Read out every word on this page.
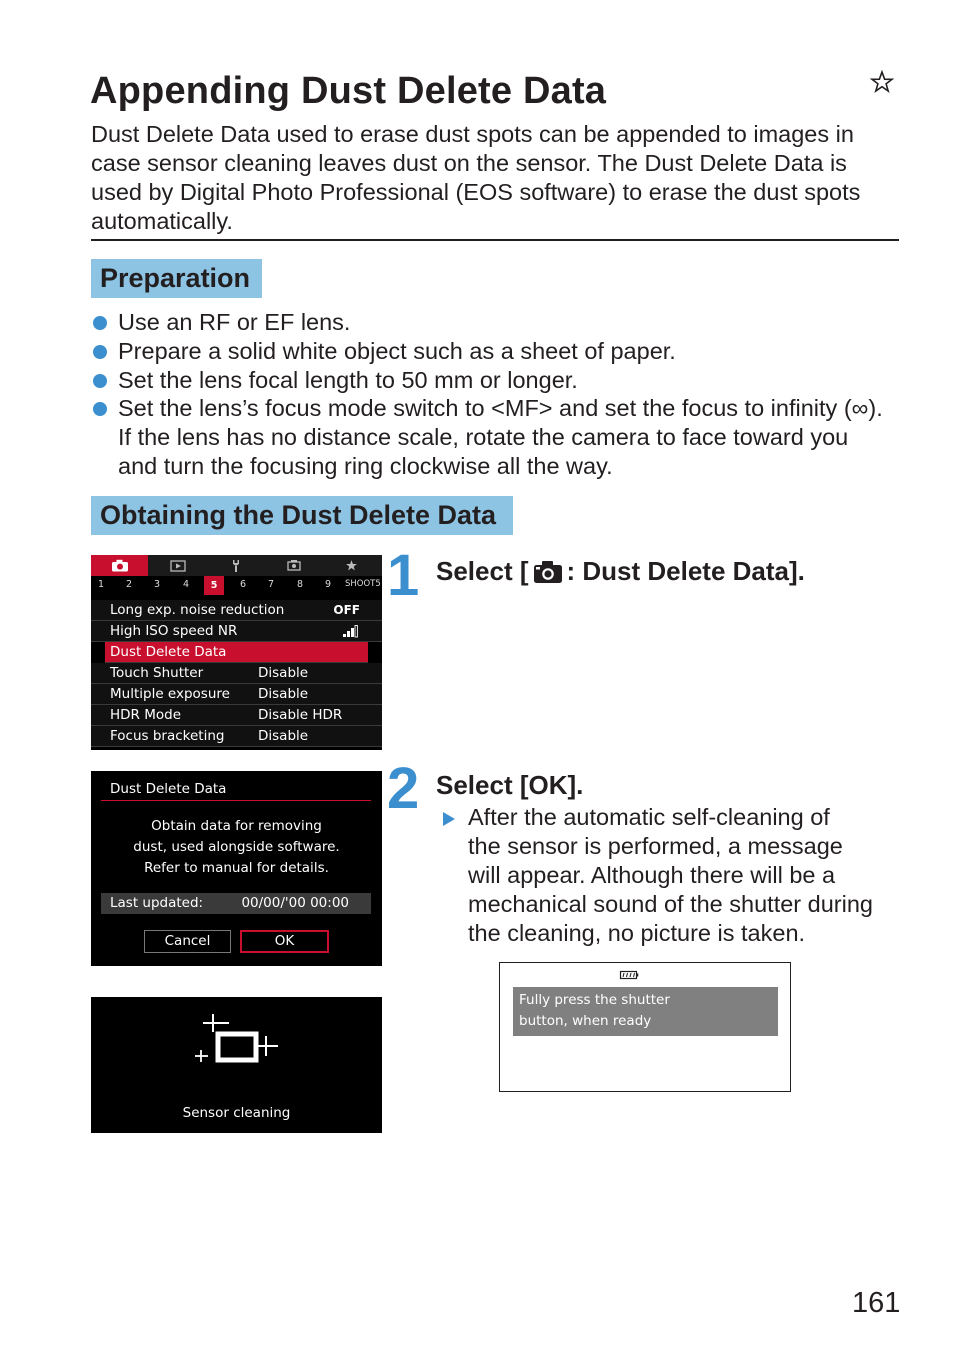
Appending Dust Delete Data
Dust Delete Data used to erase dust spots can be appended to images in
case sensor cleaning leaves dust on the sensor. The Dust Delete Data is
used by Digital Photo Professional (EOS software) to erase the dust spots
automatically.
Preparation
Use an RF or EF lens.
Prepare a solid white object such as a sheet of paper.
Set the lens focal length to 50 mm or longer.
Set the lens’s focus mode switch to <MF> and set the focus to infinity (∞).
If the lens has no distance scale, rotate the camera to face toward you
and turn the focusing ring clockwise all the way.
Obtaining the Dust Delete Data
1	2	3	4	5	6	7	8	9	SHOOT5
Long exp. noise reduction	OFF
High ISO speed NR
Dust Delete Data
Touch Shutter	Disable
Multiple exposure Disable
HDR Mode	Disable HDR
Focus bracketing Disable
Dust Delete Data
Obtain data for removing
dust, used alongside software.
Refer to manual for details.
Last updated:	00/00/'00 00:00
Cancel	OK
Sensor cleaning
1 Select [ : Dust Delete Data].
2 Select [OK].
After the automatic self-cleaning of
the sensor is performed, a message
will appear. Although there will be a
mechanical sound of the shutter during
the cleaning, no picture is taken.
Fully press the shutter
button, when ready
161
